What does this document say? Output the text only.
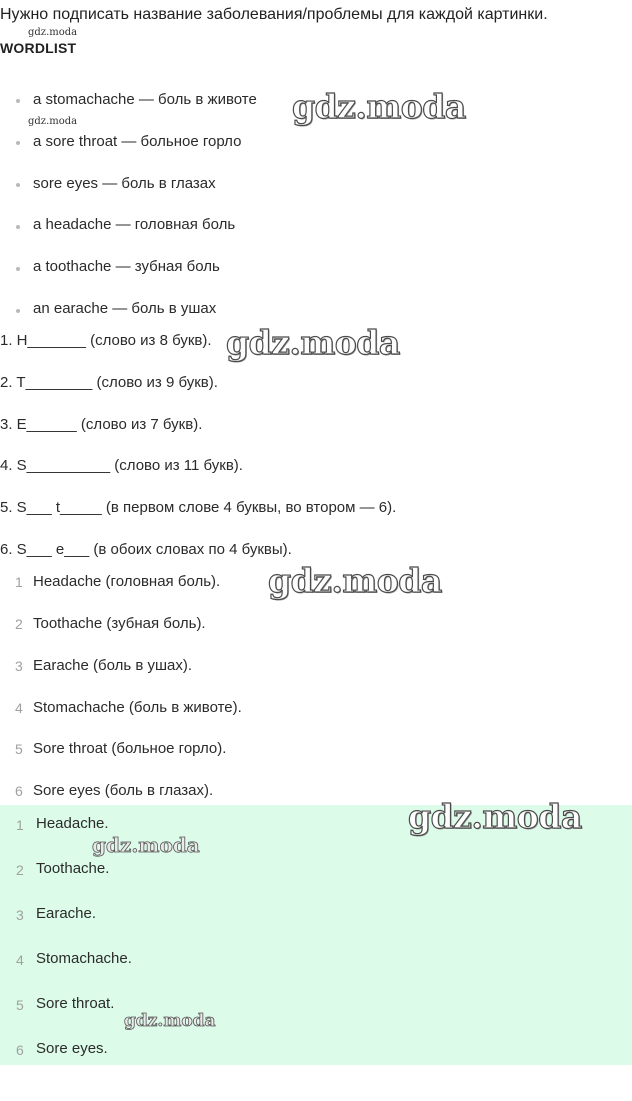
Нужно подписать название заболевания/проблемы для каждой картинки.
gdz.moda
WORDLIST
a stomachache — боль в животе
a sore throat — больное горло
sore eyes — боль в глазах
a headache — головная боль
a toothache — зубная боль
an earache — боль в ушах
gdz.moda
gdz.moda
1. H_______ (слово из 8 букв).
2. T________ (слово из 9 букв).
3. E______ (слово из 7 букв).
4. S__________ (слово из 11 букв).
5. S___ t_____ (в первом слове 4 буквы, во втором — 6).
6. S___ e___ (в обоих словах по 4 буквы).
gdz.moda
1 Headache (головная боль).
2 Toothache (зубная боль).
3 Earache (боль в ушах).
4 Stomachache (боль в животе).
5 Sore throat (больное горло).
6 Sore eyes (боль в глазах).
gdz.moda
1 Headache.
2 Toothache.
3 Earache.
4 Stomachache.
5 Sore throat.
6 Sore eyes.
gdz.moda
gdz.moda
gdz.moda
